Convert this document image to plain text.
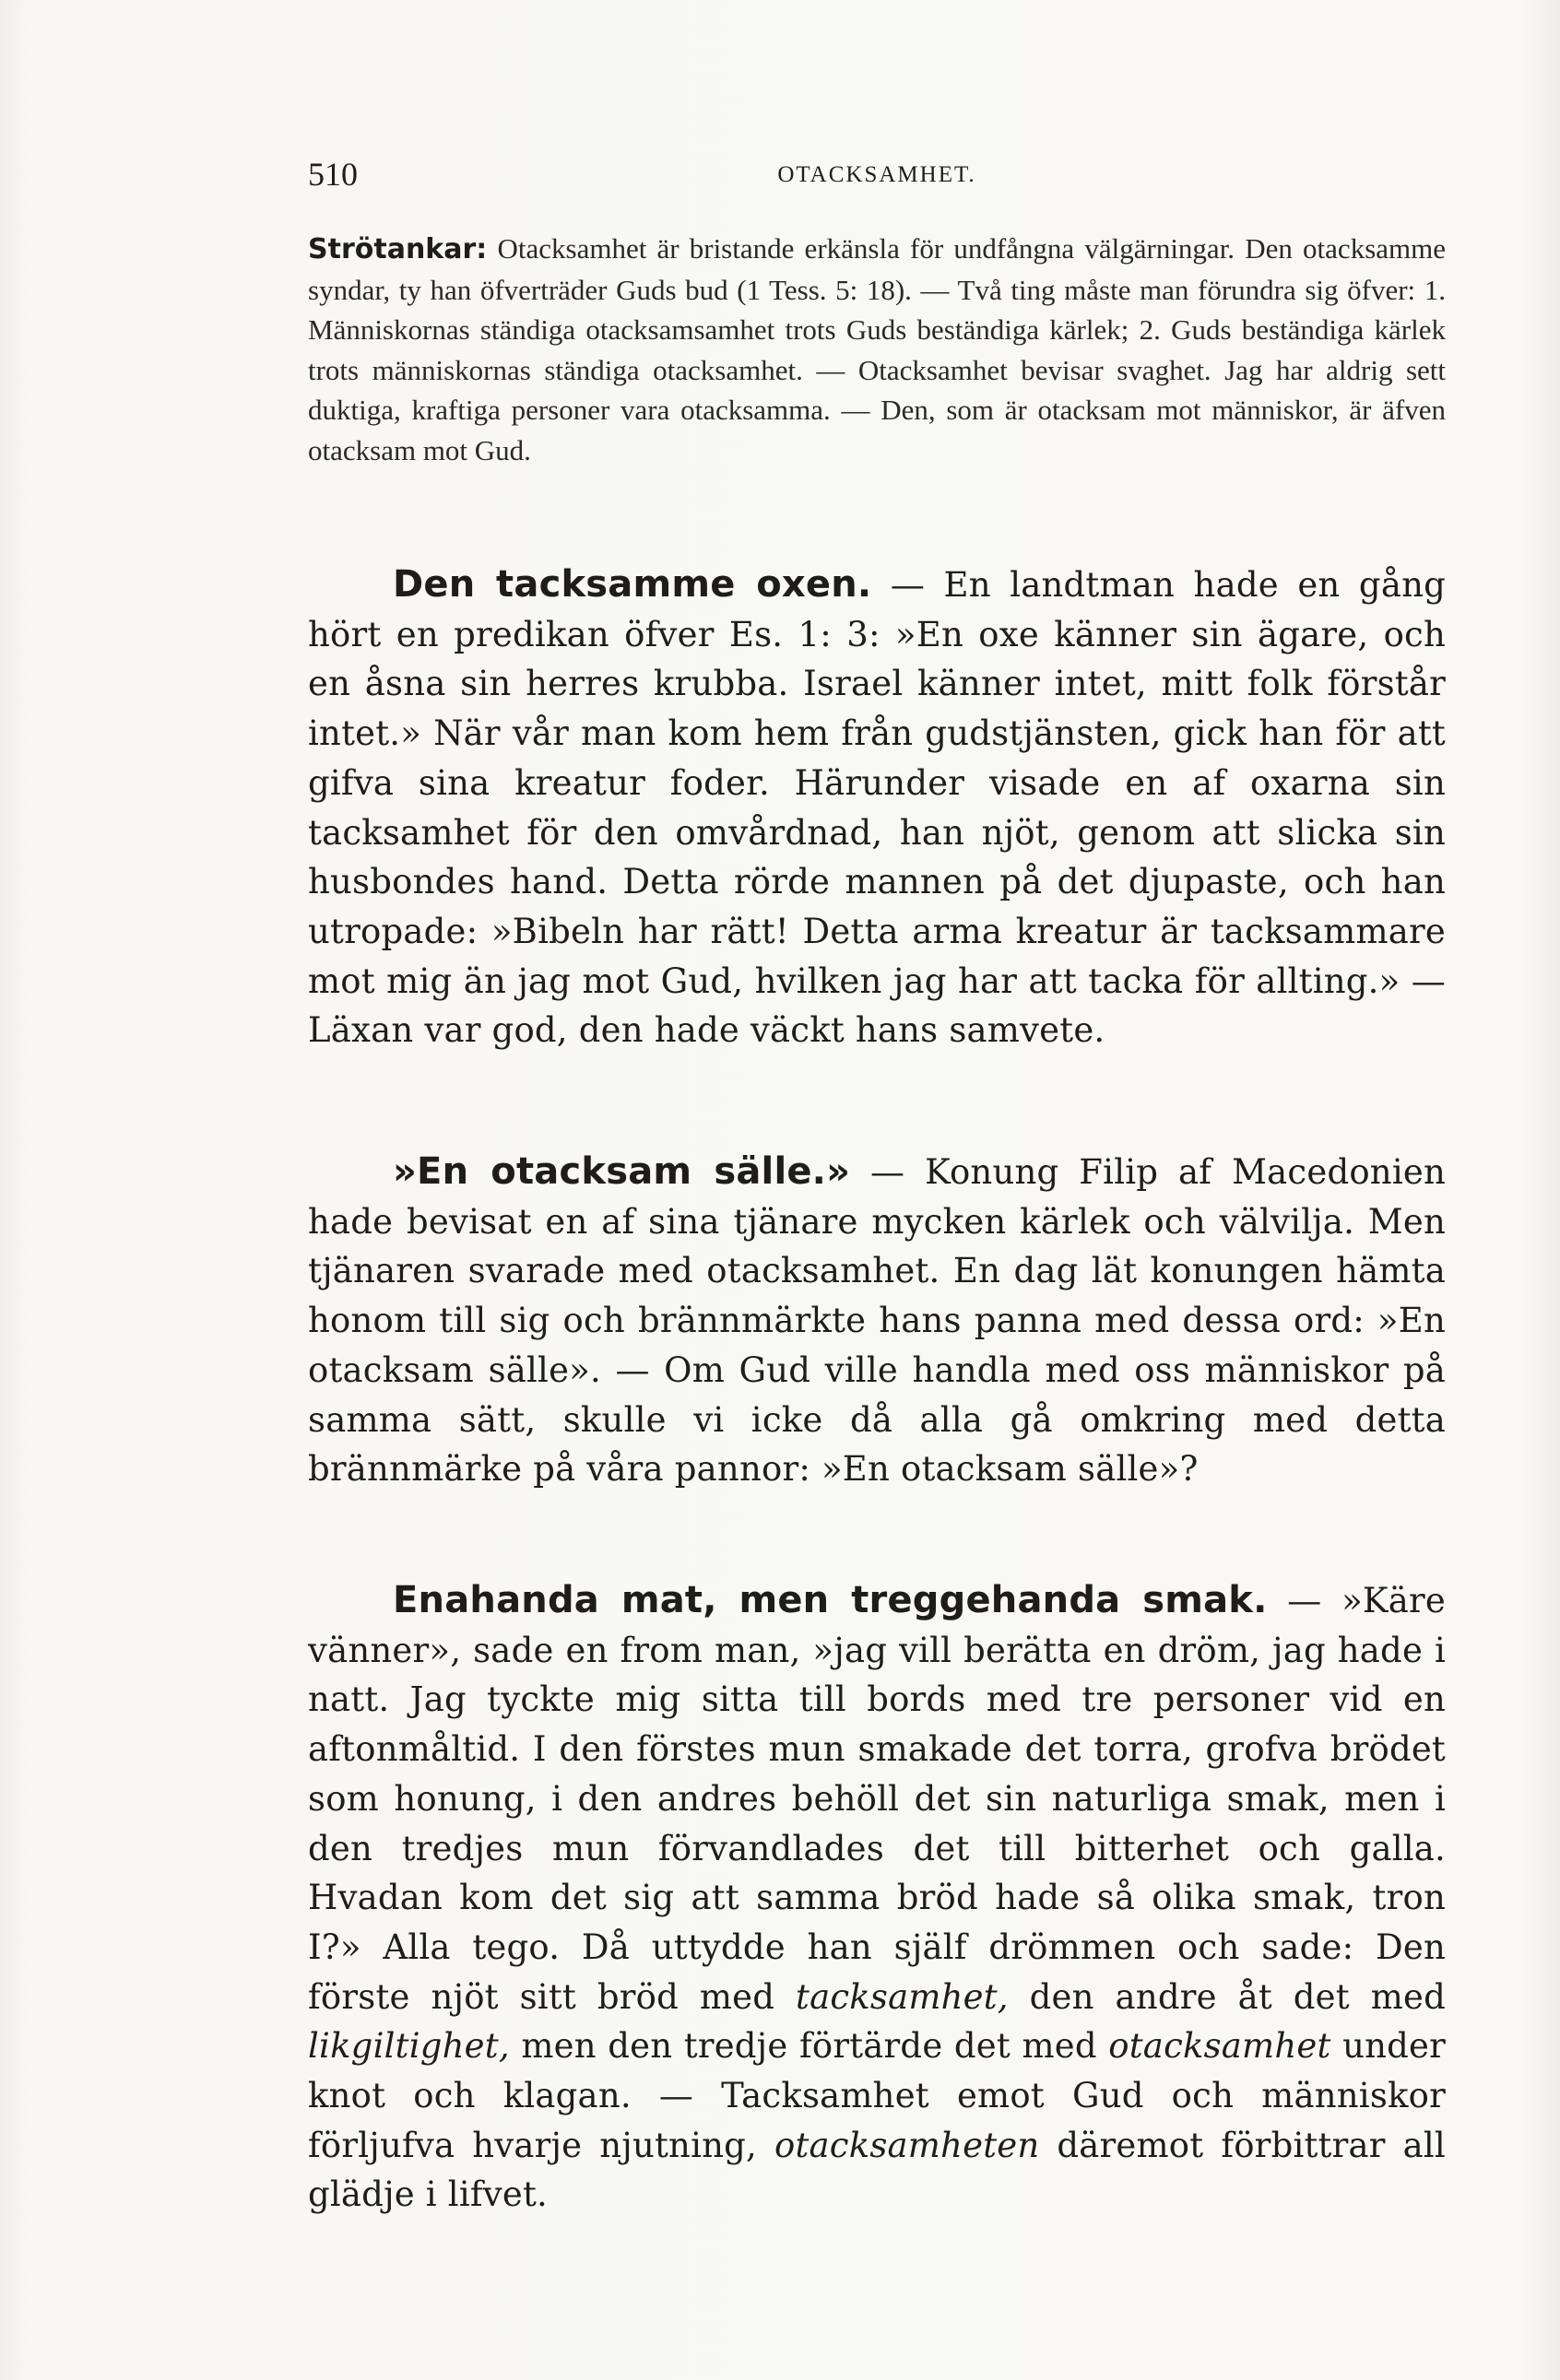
510	OTACKSAMHET.
Strötankar: Otacksamhet är bristande erkänsla för undfångna välgärningar. Den otacksamme syndar, ty han öfverträder Guds bud (1 Tess. 5: 18). — Två ting måste man förundra sig öfver: 1. Människornas ständiga otacksamsamhet trots Guds beständiga kärlek; 2. Guds beständiga kärlek trots människornas ständiga otacksamhet. — Otacksamhet bevisar svaghet. Jag har aldrig sett duktiga, kraftiga personer vara otacksamma. — Den, som är otacksam mot människor, är äfven otacksam mot Gud.
Den tacksamme oxen. — En landtman hade en gång hört en predikan öfver Es. 1: 3: »En oxe känner sin ägare, och en åsna sin herres krubba. Israel känner intet, mitt folk förstår intet.» När vår man kom hem från gudstjänsten, gick han för att gifva sina kreatur foder. Härunder visade en af oxarna sin tacksamhet för den omvårdnad, han njöt, genom att slicka sin husbondes hand. Detta rörde mannen på det djupaste, och han utropade: »Bibeln har rätt! Detta arma kreatur är tacksammare mot mig än jag mot Gud, hvilken jag har att tacka för allting.» — Läxan var god, den hade väckt hans samvete.
»En otacksam sälle.» — Konung Filip af Macedonien hade bevisat en af sina tjänare mycken kärlek och välvilja. Men tjänaren svarade med otacksamhet. En dag lät konungen hämta honom till sig och brännmärkte hans panna med dessa ord: »En otacksam sälle». — Om Gud ville handla med oss människor på samma sätt, skulle vi icke då alla gå omkring med detta brännmärke på våra pannor: »En otacksam sälle»?
Enahanda mat, men treggehanda smak. — »Käre vänner», sade en from man, »jag vill berätta en dröm, jag hade i natt. Jag tyckte mig sitta till bords med tre personer vid en aftonmåltid. I den förstes mun smakade det torra, grofva brödet som honung, i den andres behöll det sin naturliga smak, men i den tredjes mun förvandlades det till bitterhet och galla. Hvadan kom det sig att samma bröd hade så olika smak, tron I?» Alla tego. Då uttydde han själf drömmen och sade: Den förste njöt sitt bröd med tacksamhet, den andre åt det med likgiltighet, men den tredje förtärde det med otacksamhet under knot och klagan. — Tacksamhet emot Gud och människor förljufva hvarje njutning, otacksamheten däremot förbittrar all glädje i lifvet.
